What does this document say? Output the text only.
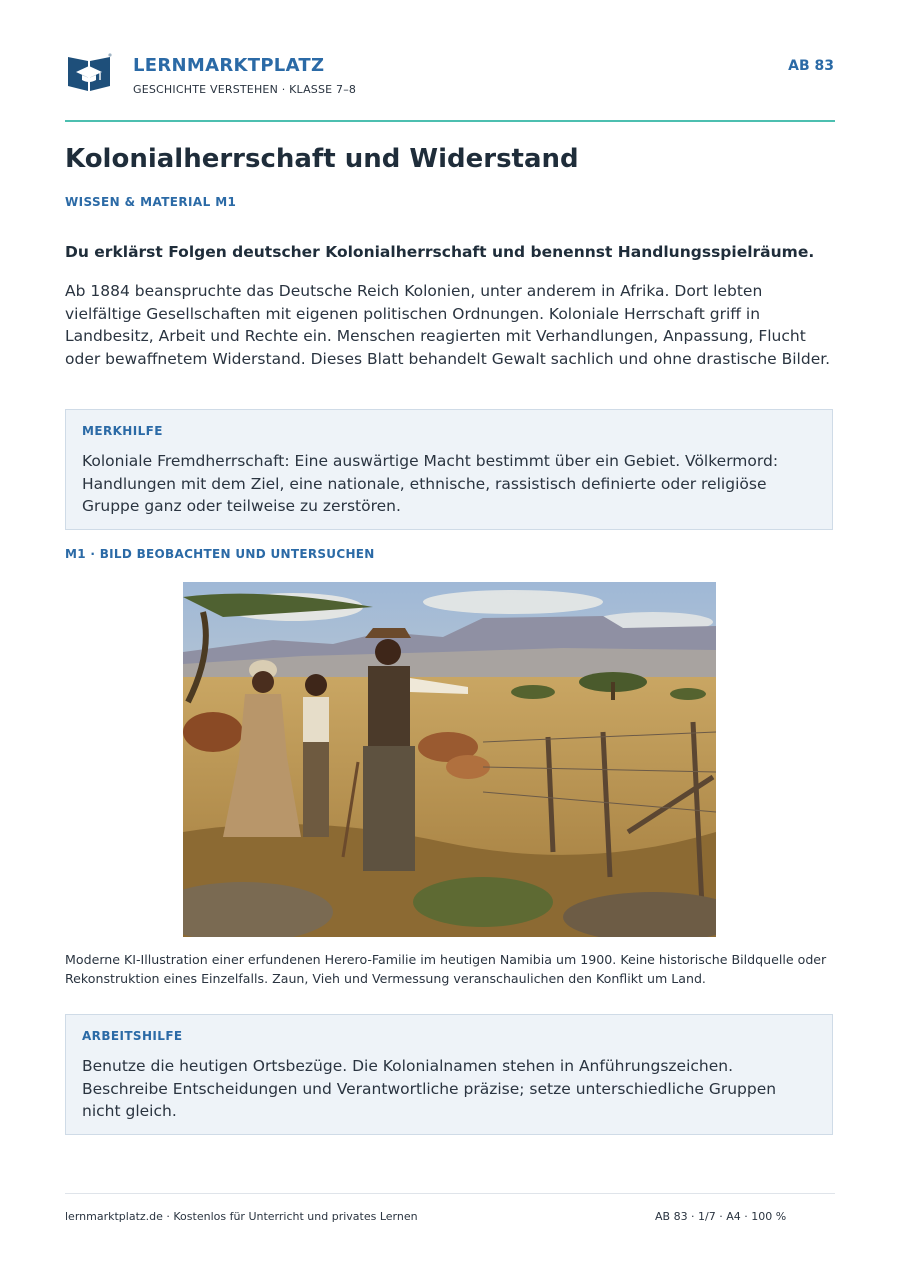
LERNMARKTPLATZ
GESCHICHTE VERSTEHEN · KLASSE 7–8
AB 83
Kolonialherrschaft und Widerstand
WISSEN & MATERIAL M1
Du erklärst Folgen deutscher Kolonialherrschaft und benennst Handlungsspielräume.

Ab 1884 beanspruchte das Deutsche Reich Kolonien, unter anderem in Afrika. Dort lebten vielfältige Gesellschaften mit eigenen politischen Ordnungen. Koloniale Herrschaft griff in Landbesitz, Arbeit und Rechte ein. Menschen reagierten mit Verhandlungen, Anpassung, Flucht oder bewaffnetem Widerstand. Dieses Blatt behandelt Gewalt sachlich und ohne drastische Bilder.

MERKHILFE

Koloniale Fremdherrschaft: Eine auswärtige Macht bestimmt über ein Gebiet. Völkermord: Handlungen mit dem Ziel, eine nationale, ethnische, rassistisch definierte oder religiöse Gruppe ganz oder teilweise zu zerstören.

M1 · BILD BEOBACHTEN UND UNTERSUCHEN

Moderne KI-Illustration einer erfundenen Herero-Familie im heutigen Namibia um 1900. Keine historische Bildquelle oder Rekonstruktion eines Einzelfalls. Zaun, Vieh und Vermessung veranschaulichen den Konflikt um Land.

ARBEITSHILFE

Benutze die heutigen Ortsbezüge. Die Kolonialnamen stehen in Anführungszeichen. Beschreibe Entscheidungen und Verantwortliche präzise; setze unterschiedliche Gruppen nicht gleich.

lernmarktplatz.de · Kostenlos für Unterricht und privates Lernen	AB 83 · 1/7 · A4 · 100 %
